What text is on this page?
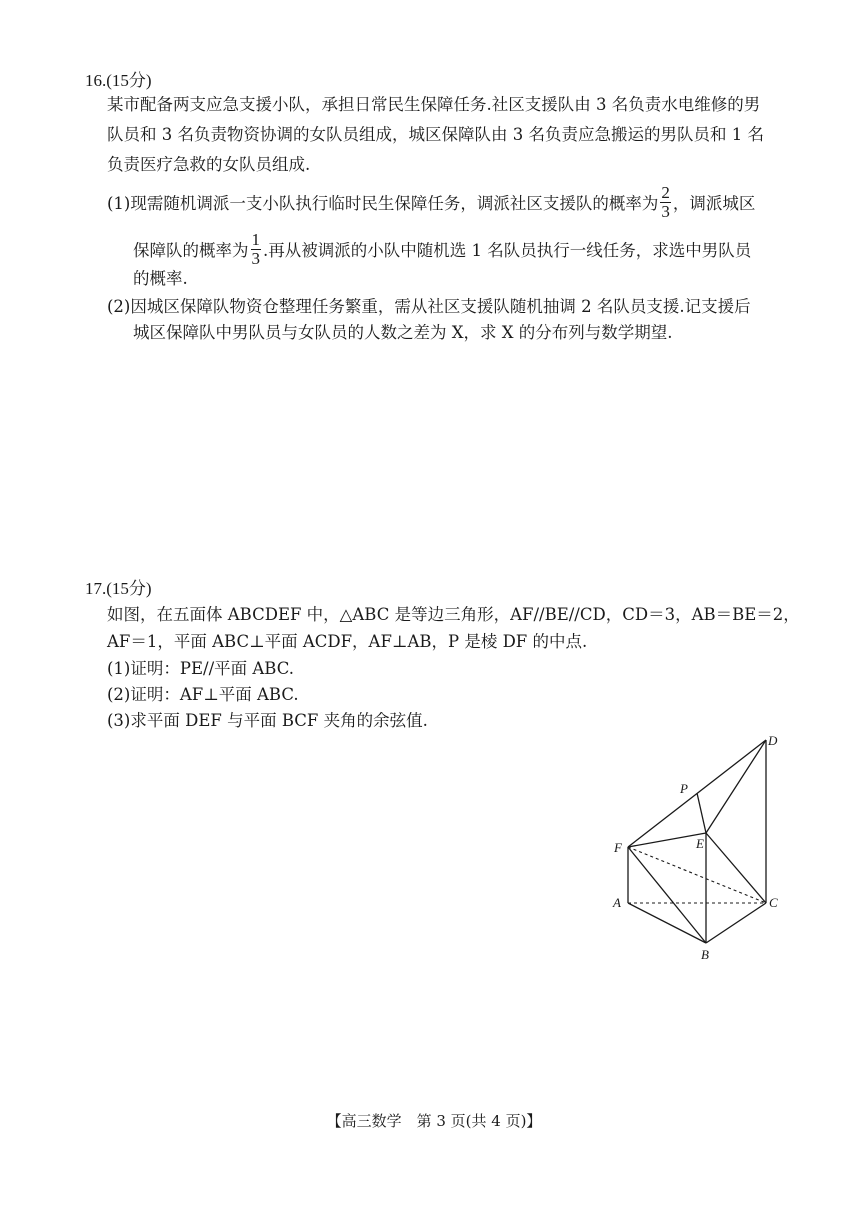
16.(15分)
某市配备两支应急支援小队，承担日常民生保障任务.社区支援队由 3 名负责水电维修的男
队员和 3 名负责物资协调的女队员组成，城区保障队由 3 名负责应急搬运的男队员和 1 名
负责医疗急救的女队员组成.
(1)现需随机调派一支小队执行临时民生保障任务，调派社区支援队的概率为 $\frac{2}{3}$ ，调派城区
保障队的概率为 $\frac{1}{3}$ .再从被调派的小队中随机选 1 名队员执行一线任务，求选中男队员
的概率.
(2)因城区保障队物资仓整理任务繁重，需从社区支援队随机抽调 2 名队员支援.记支援后
城区保障队中男队员与女队员的人数之差为 X，求 X 的分布列与数学期望.
17.(15分)
如图，在五面体 ABCDEF 中，△ABC 是等边三角形，AF//BE//CD，CD＝3，AB＝BE＝2，
AF＝1，平面 ABC⊥平面 ACDF，AF⊥AB，P 是棱 DF 的中点.
(1)证明：PE//平面 ABC.
(2)证明：AF⊥平面 ABC.
(3)求平面 DEF 与平面 BCF 夹角的余弦值.
D
P
E
F
A	C
B
【高三数学　第 3 页(共 4 页)】
